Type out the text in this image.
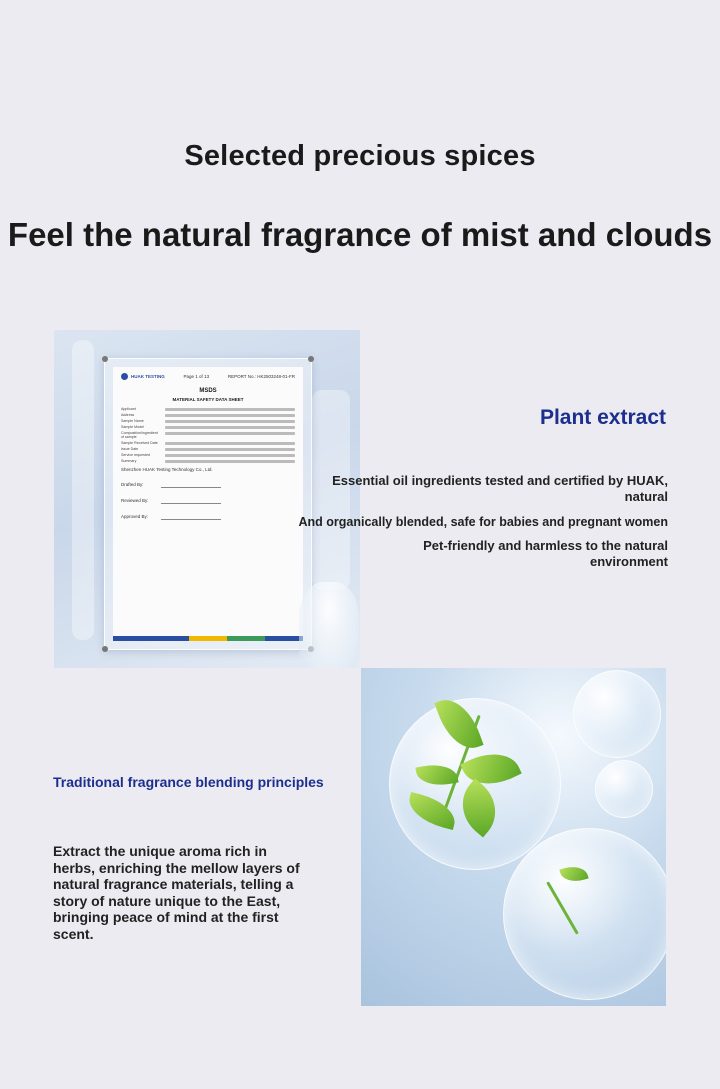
Selected precious spices
Feel the natural fragrance of mist and clouds
HUAK TESTING	Page 1 of 13	REPORT No.: HK2503248-01-FR
MSDS
MATERIAL SAFETY DATA SHEET
Applicant
Address
Sample Name
Sample Model
Composition/ingredient of sample
Sample Received Date
Issue Date
Service requested
Summary
Shenzhen HUAK Testing Technology Co., Ltd.
Drafted By:
Reviewed By:
Approved By:
Plant extract
Essential oil ingredients tested and certified by HUAK, natural
And organically blended, safe for babies and pregnant women
Pet-friendly and harmless to the natural environment
Traditional fragrance blending principles
Extract the unique aroma rich in herbs, enriching the mellow layers of natural fragrance materials, telling a story of nature unique to the East, bringing peace of mind at the first scent.
